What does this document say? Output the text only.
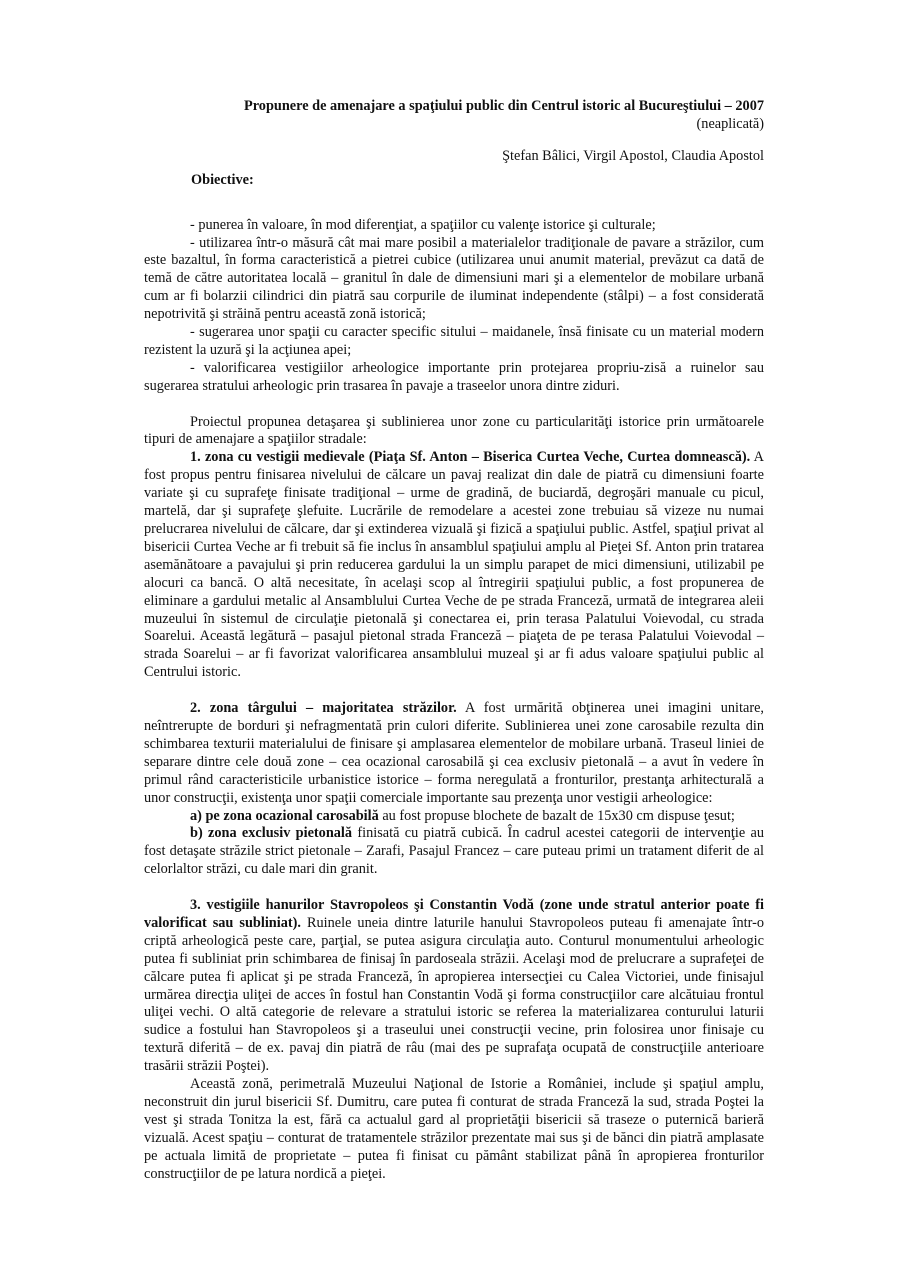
Propunere de amenajare a spaţiului public din Centrul istoric al Bucureştiului – 2007
(neaplicată)
Ştefan Bâlici, Virgil Apostol, Claudia Apostol
Obiective:

- punerea în valoare, în mod diferenţiat, a spaţiilor cu valenţe istorice şi culturale;

- utilizarea într-o măsură cât mai mare posibil a materialelor tradiţionale de pavare a străzilor, cum este bazaltul, în forma caracteristică a pietrei cubice (utilizarea unui anumit material, prevăzut ca dată de temă de către autoritatea locală – granitul în dale de dimensiuni mari şi a elementelor de mobilare urbană cum ar fi bolarzii cilindrici din piatră sau corpurile de iluminat independente (stâlpi) – a fost considerată nepotrivită şi străină pentru această zonă istorică;

- sugerarea unor spaţii cu caracter specific sitului – maidanele, însă finisate cu un material modern rezistent la uzură şi la acţiunea apei;

- valorificarea vestigiilor arheologice importante prin protejarea propriu-zisă a ruinelor sau sugerarea stratului arheologic prin trasarea în pavaje a traseelor unora dintre ziduri.

Proiectul propunea detaşarea şi sublinierea unor zone cu particularităţi istorice prin următoarele tipuri de amenajare a spaţiilor stradale:

1. zona cu vestigii medievale (Piaţa Sf. Anton – Biserica Curtea Veche, Curtea domnească). A fost propus pentru finisarea nivelului de călcare un pavaj realizat din dale de piatră cu dimensiuni foarte variate şi cu suprafeţe finisate tradiţional – urme de gradină, de buciardă, degroşări manuale cu picul, martelă, dar şi suprafeţe şlefuite. Lucrările de remodelare a acestei zone trebuiau să vizeze nu numai prelucrarea nivelului de călcare, dar şi extinderea vizuală şi fizică a spaţiului public. Astfel, spaţiul privat al bisericii Curtea Veche ar fi trebuit să fie inclus în ansamblul spaţiului amplu al Pieţei Sf. Anton prin tratarea asemănătoare a pavajului şi prin reducerea gardului la un simplu parapet de mici dimensiuni, utilizabil pe alocuri ca bancă. O altă necesitate, în acelaşi scop al întregirii spaţiului public, a fost propunerea de eliminare a gardului metalic al Ansamblului Curtea Veche de pe strada Franceză, urmată de integrarea aleii muzeului în sistemul de circulaţie pietonală şi conectarea ei, prin terasa Palatului Voievodal, cu strada Soarelui. Această legătură – pasajul pietonal strada Franceză – piaţeta de pe terasa Palatului Voievodal – strada Soarelui – ar fi favorizat valorificarea ansamblului muzeal şi ar fi adus valoare spaţiului public al Centrului istoric.

2. zona târgului – majoritatea străzilor. A fost urmărită obţinerea unei imagini unitare, neîntrerupte de borduri şi nefragmentată prin culori diferite. Sublinierea unei zone carosabile rezulta din schimbarea texturii materialului de finisare şi amplasarea elementelor de mobilare urbană. Traseul liniei de separare dintre cele două zone – cea ocazional carosabilă şi cea exclusiv pietonală – a avut în vedere în primul rând caracteristicile urbanistice istorice – forma neregulată a fronturilor, prestanţa arhitecturală a unor construcţii, existenţa unor spaţii comerciale importante sau prezenţa unor vestigii arheologice:

a) pe zona ocazional carosabilă au fost propuse blochete de bazalt de 15x30 cm dispuse ţesut;

b) zona exclusiv pietonală finisată cu piatră cubică. În cadrul acestei categorii de intervenţie au fost detaşate străzile strict pietonale – Zarafi, Pasajul Francez – care puteau primi un tratament diferit de al celorlaltor străzi, cu dale mari din granit.

3. vestigiile hanurilor Stavropoleos şi Constantin Vodă (zone unde stratul anterior poate fi valorificat sau subliniat). Ruinele uneia dintre laturile hanului Stavropoleos puteau fi amenajate într-o criptă arheologică peste care, parţial, se putea asigura circulaţia auto. Conturul monumentului arheologic putea fi subliniat prin schimbarea de finisaj în pardoseala străzii. Acelaşi mod de prelucrare a suprafeţei de călcare putea fi aplicat şi pe strada Franceză, în apropierea intersecţiei cu Calea Victoriei, unde finisajul urmărea direcţia uliţei de acces în fostul han Constantin Vodă şi forma construcţiilor care alcătuiau frontul uliţei vechi. O altă categorie de relevare a stratului istoric se referea la materializarea conturului laturii sudice a fostului han Stavropoleos şi a traseului unei construcţii vecine, prin folosirea unor finisaje cu textură diferită – de ex. pavaj din piatră de râu (mai des pe suprafaţa ocupată de construcţiile anterioare trasării străzii Poştei).

Această zonă, perimetrală Muzeului Naţional de Istorie a României, include şi spaţiul amplu, neconstruit din jurul bisericii Sf. Dumitru, care putea fi conturat de strada Franceză la sud, strada Poştei la vest şi strada Tonitza la est, fără ca actualul gard al proprietăţii bisericii să traseze o puternică barieră vizuală. Acest spaţiu – conturat de tratamentele străzilor prezentate mai sus şi de bănci din piatră amplasate pe actuala limită de proprietate – putea fi finisat cu pământ stabilizat până în apropierea fronturilor construcţiilor de pe latura nordică a pieţei.
